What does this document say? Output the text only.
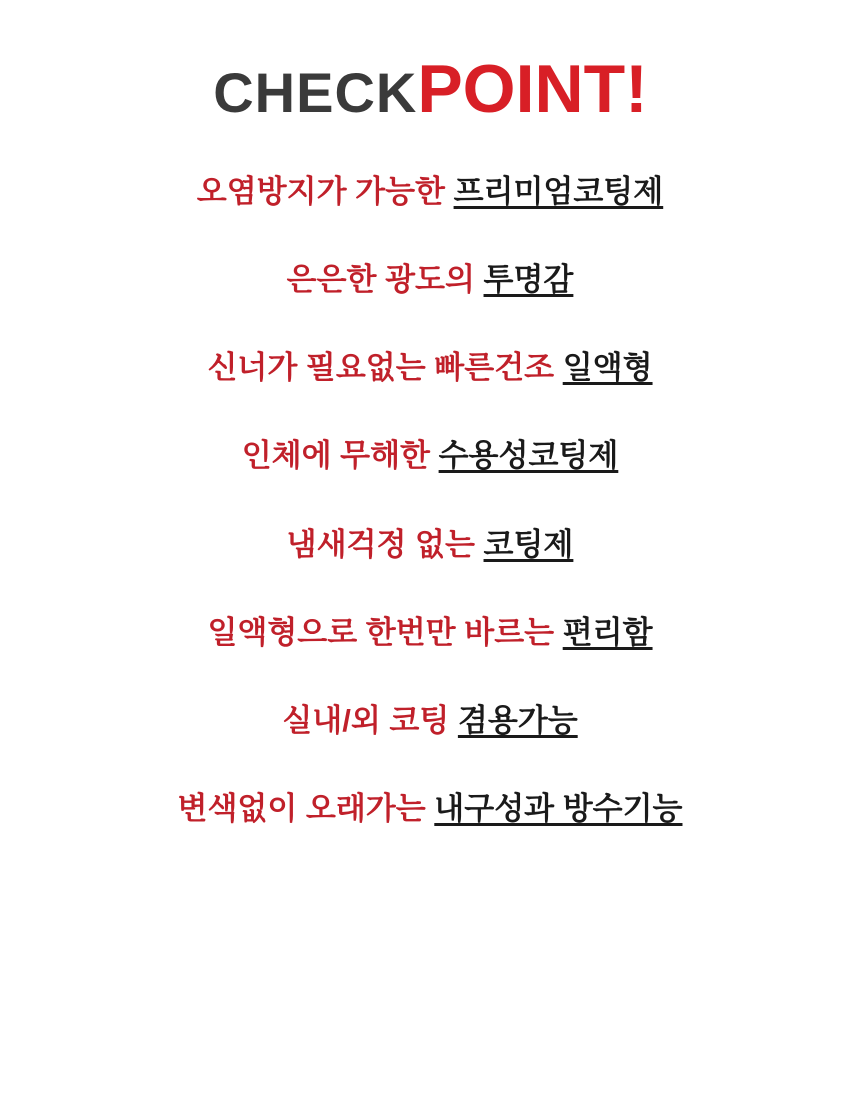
CHECKPOINT!
오염방지가 가능한 프리미엄코팅제
은은한 광도의 투명감
신너가 필요없는 빠른건조 일액형
인체에 무해한 수용성코팅제
냄새걱정 없는 코팅제
일액형으로 한번만 바르는 편리함
실내/외 코팅 겸용가능
변색없이 오래가는 내구성과 방수기능
